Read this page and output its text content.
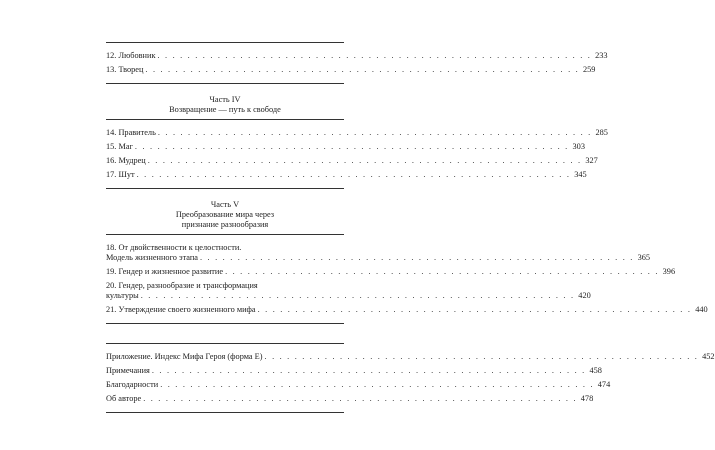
12. Любовник . . . . . . . . . . . . . . . . . . . . . . . . . . . . . . . . . . . . . . . . . . . . . . . . . . . . . . . . . . 233
13. Творец . . . . . . . . . . . . . . . . . . . . . . . . . . . . . . . . . . . . . . . . . . . . . . . . . . . . . . . . . . 259
Часть IV
Возвращение — путь к свободе
14. Правитель . . . . . . . . . . . . . . . . . . . . . . . . . . . . . . . . . . . . . . . . . . . . . . . . . . . . . . . . . . 285
15. Маг . . . . . . . . . . . . . . . . . . . . . . . . . . . . . . . . . . . . . . . . . . . . . . . . . . . . . . . . . . 303
16. Мудрец . . . . . . . . . . . . . . . . . . . . . . . . . . . . . . . . . . . . . . . . . . . . . . . . . . . . . . . . . . 327
17. Шут . . . . . . . . . . . . . . . . . . . . . . . . . . . . . . . . . . . . . . . . . . . . . . . . . . . . . . . . . . 345
Часть V
Преобразование мира через
признание разнообразия
18. От двойственности к целостности.
Модель жизненного этапа . . . . . . . . . . . . . . . . . . . . . . . . . . . . . . . . . . . . . . . . . . . . . . . . . . . . . . . . . . 365
19. Гендер и жизненное развитие . . . . . . . . . . . . . . . . . . . . . . . . . . . . . . . . . . . . . . . . . . . . . . . . . . . . . . . . . . 396
20. Гендер, разнообразие и трансформация
культуры . . . . . . . . . . . . . . . . . . . . . . . . . . . . . . . . . . . . . . . . . . . . . . . . . . . . . . . . . . 420
21. Утверждение своего жизненного мифа . . . . . . . . . . . . . . . . . . . . . . . . . . . . . . . . . . . . . . . . . . . . . . . . . . . . . . . . . . 440
Приложение. Индекс Мифа Героя (форма Е) . . . . . . . . . . . . . . . . . . . . . . . . . . . . . . . . . . . . . . . . . . . . . . . . . . . . . . . . . . 452
Примечания . . . . . . . . . . . . . . . . . . . . . . . . . . . . . . . . . . . . . . . . . . . . . . . . . . . . . . . . . . 458
Благодарности . . . . . . . . . . . . . . . . . . . . . . . . . . . . . . . . . . . . . . . . . . . . . . . . . . . . . . . . . . 474
Об авторе . . . . . . . . . . . . . . . . . . . . . . . . . . . . . . . . . . . . . . . . . . . . . . . . . . . . . . . . . . 478
